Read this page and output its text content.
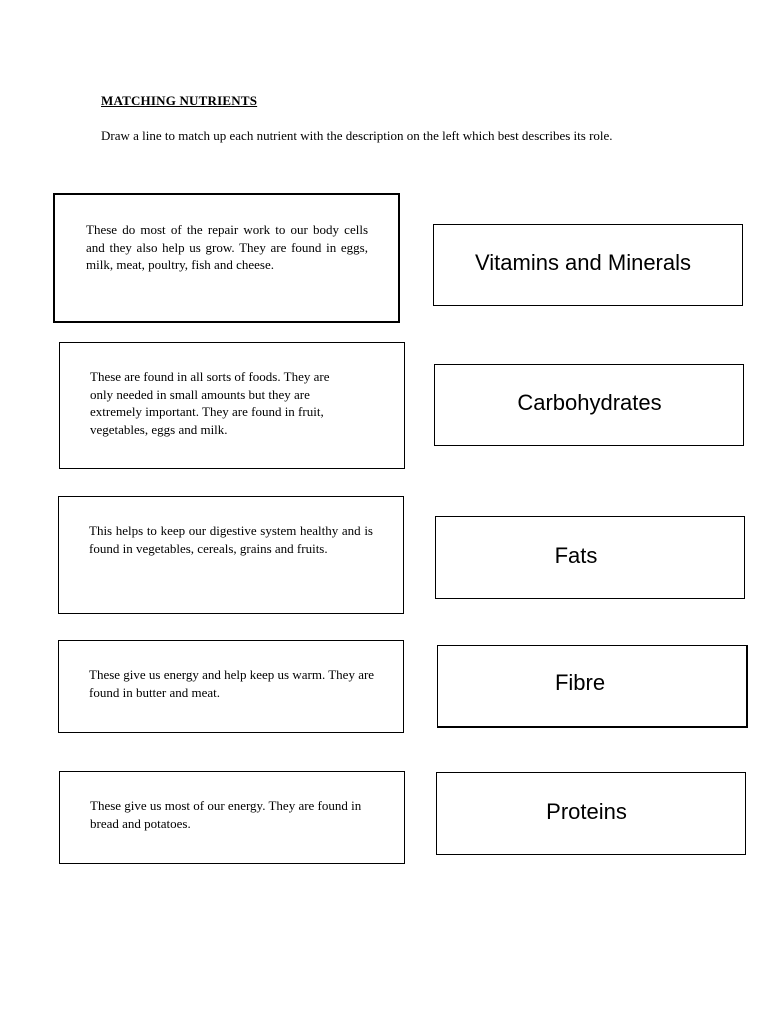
MATCHING NUTRIENTS
Draw a line to match up each nutrient with the description on the left which best describes its role.
These do most of the repair work to our body cells and they also help us grow. They are found in eggs, milk, meat, poultry, fish and cheese.
These are found in all sorts of foods. They are only needed in small amounts but they are extremely important. They are found in fruit, vegetables, eggs and milk.
This helps to keep our digestive system healthy and is found in vegetables, cereals, grains and fruits.
These give us energy and help keep us warm. They are found in butter and meat.
These give us most of our energy. They are found in bread and potatoes.
Vitamins and Minerals
Carbohydrates
Fats
Fibre
Proteins
